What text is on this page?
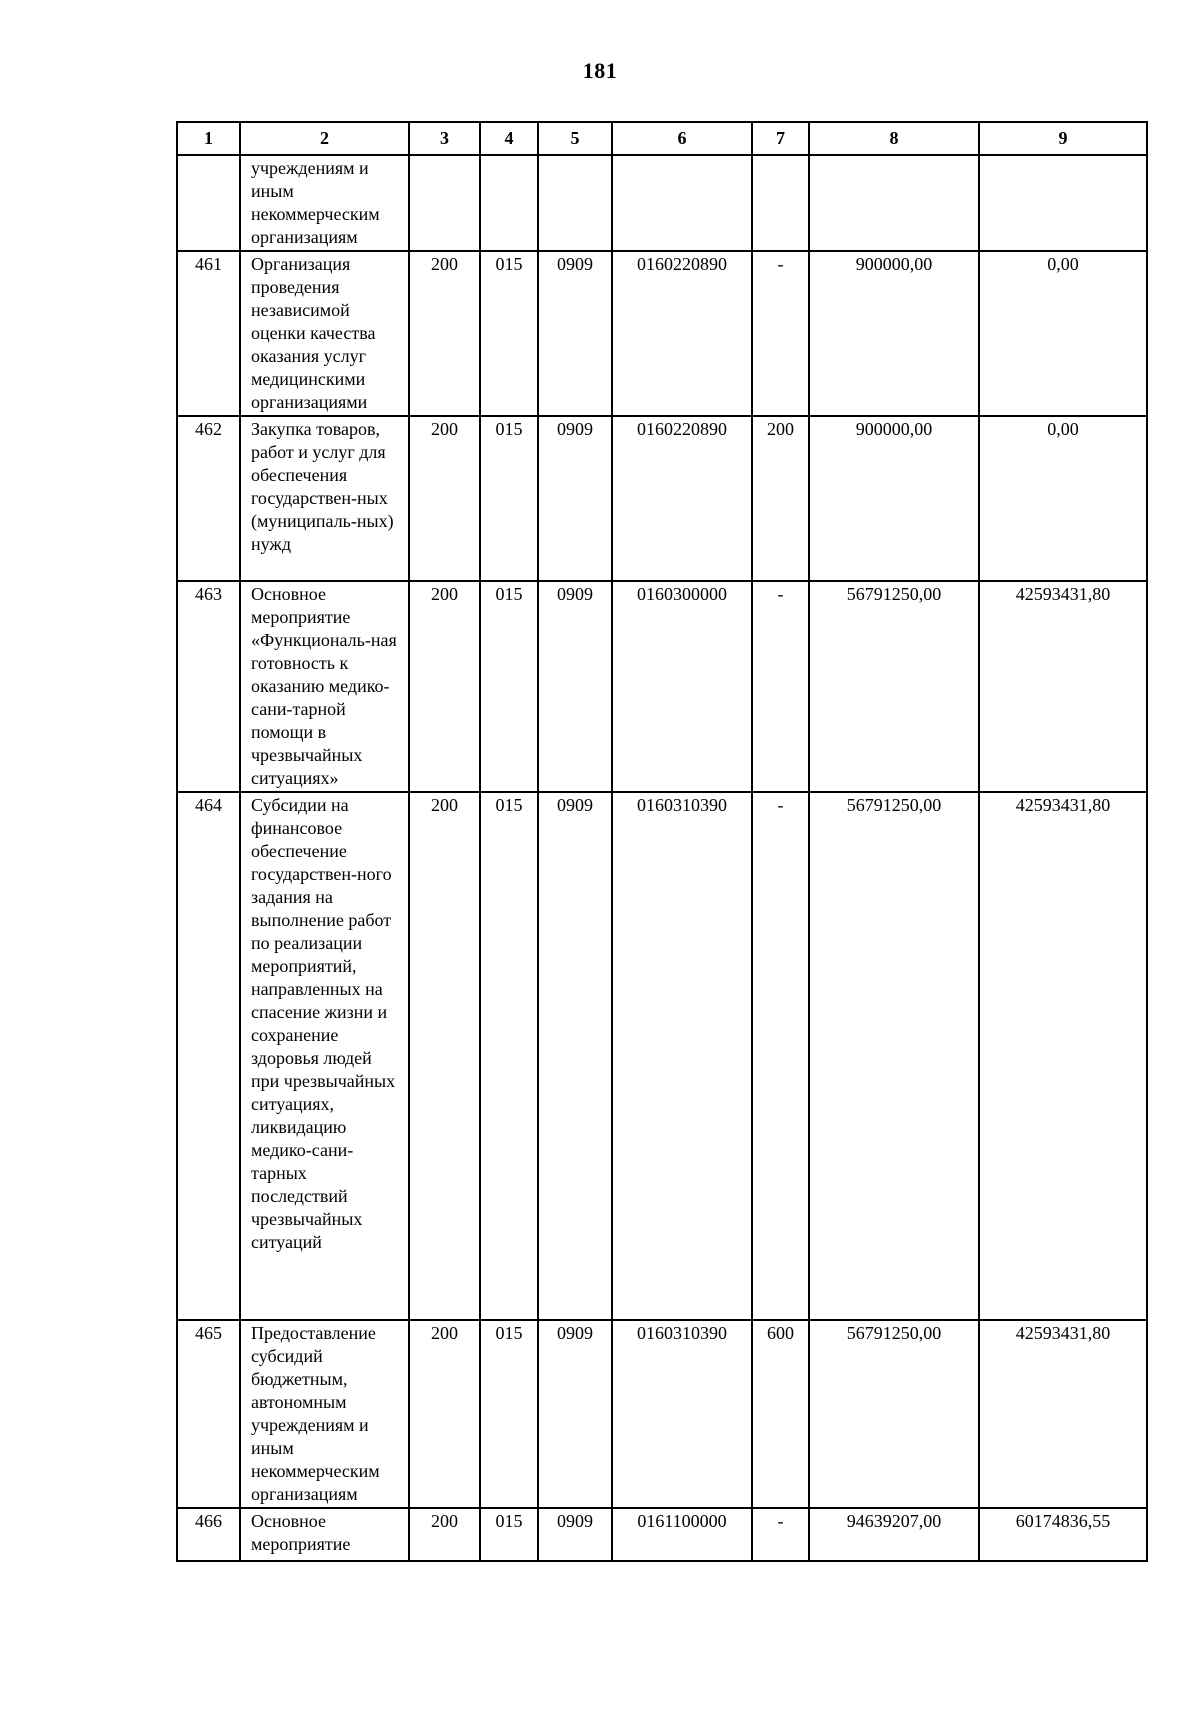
181
1	2	3	4	5	6	7	8	9
	учреждениям и иным некоммерческим организациям							
461	Организация проведения независимой оценки качества оказания услуг медицинскими организациями	200	015	0909	0160220890	-	900000,00	0,00
462	Закупка товаров, работ и услуг для обеспечения государствен-ных (муниципаль-ных) нужд	200	015	0909	0160220890	200	900000,00	0,00
463	Основное мероприятие «Функциональ-ная готовность к оказанию медико-сани-тарной помощи в чрезвычайных ситуациях»	200	015	0909	0160300000	-	56791250,00	42593431,80
464	Субсидии на финансовое обеспечение государствен-ного задания на выполнение работ по реализации мероприятий, направленных на спасение жизни и сохранение здоровья людей при чрезвычайных ситуациях, ликвидацию медико-сани-тарных последствий чрезвычайных ситуаций	200	015	0909	0160310390	-	56791250,00	42593431,80
465	Предоставление субсидий бюджетным, автономным учреждениям и иным некоммерческим организациям	200	015	0909	0160310390	600	56791250,00	42593431,80
466	Основное мероприятие	200	015	0909	0161100000	-	94639207,00	60174836,55
